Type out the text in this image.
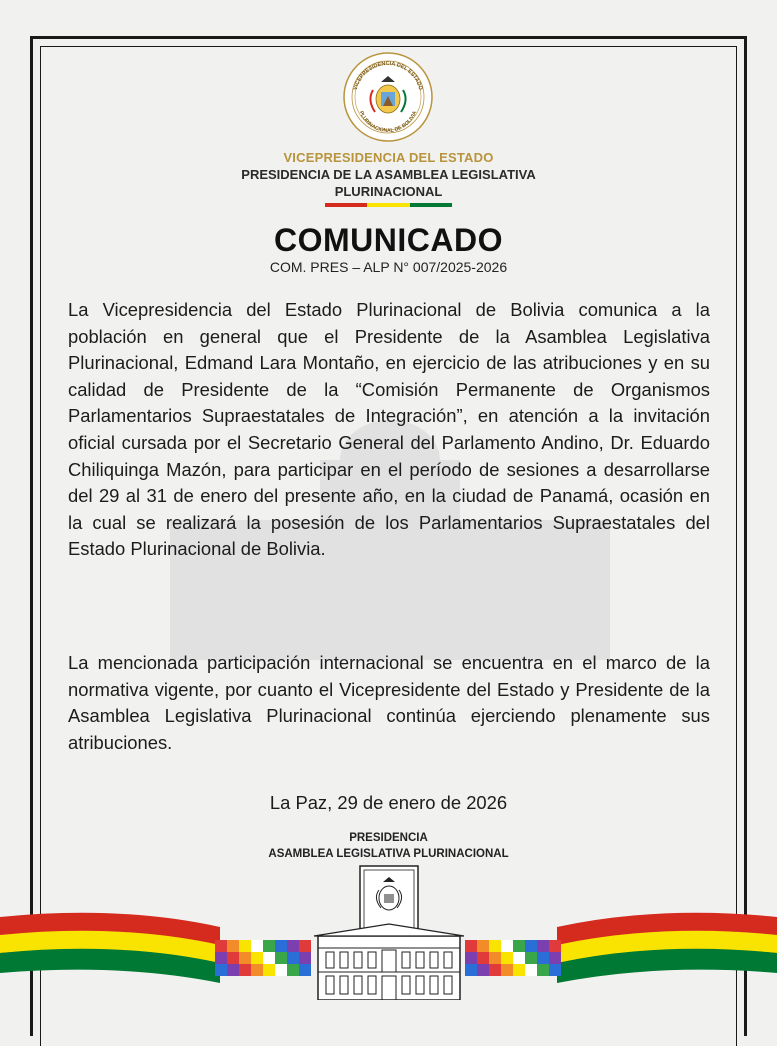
VICEPRESIDENCIA DEL ESTADO
PLURINACIONAL DE BOLIVIA
VICEPRESIDENCIA DEL ESTADO
PRESIDENCIA DE LA ASAMBLEA LEGISLATIVA
PLURINACIONAL
COMUNICADO
COM. PRES – ALP N° 007/2025-2026
La Vicepresidencia del Estado Plurinacional de Bolivia comunica a la población en general que el Presidente de la Asamblea Legislativa Plurinacional, Edmand Lara Montaño, en ejercicio de las atribuciones y en su calidad de Presidente de la “Comisión Permanente de Organismos Parlamentarios Supraestatales de Integración”, en atención a la invitación oficial cursada por el Secretario General del Parlamento Andino, Dr. Eduardo Chiliquinga Mazón, para participar en el período de sesiones a desarrollarse del 29 al 31 de enero del presente año, en la ciudad de Panamá, ocasión en la cual se realizará la posesión de los Parlamentarios Supraestatales del Estado Plurinacional de Bolivia.
La mencionada participación internacional se encuentra en el marco de la normativa vigente, por cuanto el Vicepresidente del Estado y Presidente de la Asamblea Legislativa Plurinacional continúa ejerciendo plenamente sus atribuciones.
La Paz, 29 de enero de 2026
PRESIDENCIA
ASAMBLEA LEGISLATIVA PLURINACIONAL
